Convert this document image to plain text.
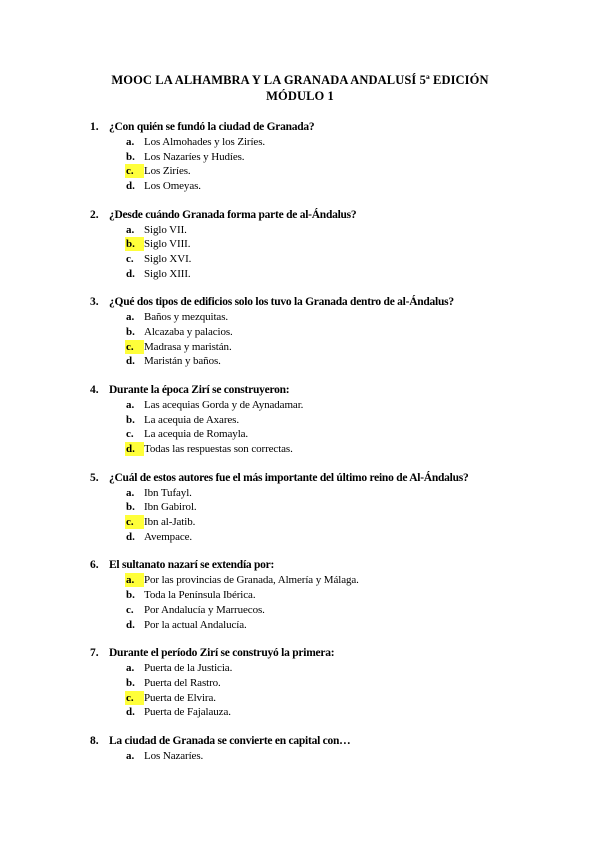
MOOC LA ALHAMBRA Y LA GRANADA ANDALUSÍ 5ª EDICIÓN
MÓDULO 1
1. ¿Con quién se fundó la ciudad de Granada?
a. Los Almohades y los Ziríes.
b. Los Nazaríes y Hudíes.
c. Los Ziríes.
d. Los Omeyas.
2. ¿Desde cuándo Granada forma parte de al-Ándalus?
a. Siglo VII.
b. Siglo VIII.
c. Siglo XVI.
d. Siglo XIII.
3. ¿Qué dos tipos de edificios solo los tuvo la Granada dentro de al-Ándalus?
a. Baños y mezquitas.
b. Alcazaba y palacios.
c. Madrasa y maristán.
d. Maristán y baños.
4. Durante la época Zirí se construyeron:
a. Las acequias Gorda y de Aynadamar.
b. La acequia de Axares.
c. La acequia de Romayla.
d. Todas las respuestas son correctas.
5. ¿Cuál de estos autores fue el más importante del último reino de Al-Ándalus?
a. Ibn Tufayl.
b. Ibn Gabirol.
c. Ibn al-Jatib.
d. Avempace.
6. El sultanato nazarí se extendía por:
a. Por las provincias de Granada, Almería y Málaga.
b. Toda la Península Ibérica.
c. Por Andalucía y Marruecos.
d. Por la actual Andalucía.
7. Durante el período Zirí se construyó la primera:
a. Puerta de la Justicia.
b. Puerta del Rastro.
c. Puerta de Elvira.
d. Puerta de Fajalauza.
8. La ciudad de Granada se convierte en capital con…
a. Los Nazaríes.
